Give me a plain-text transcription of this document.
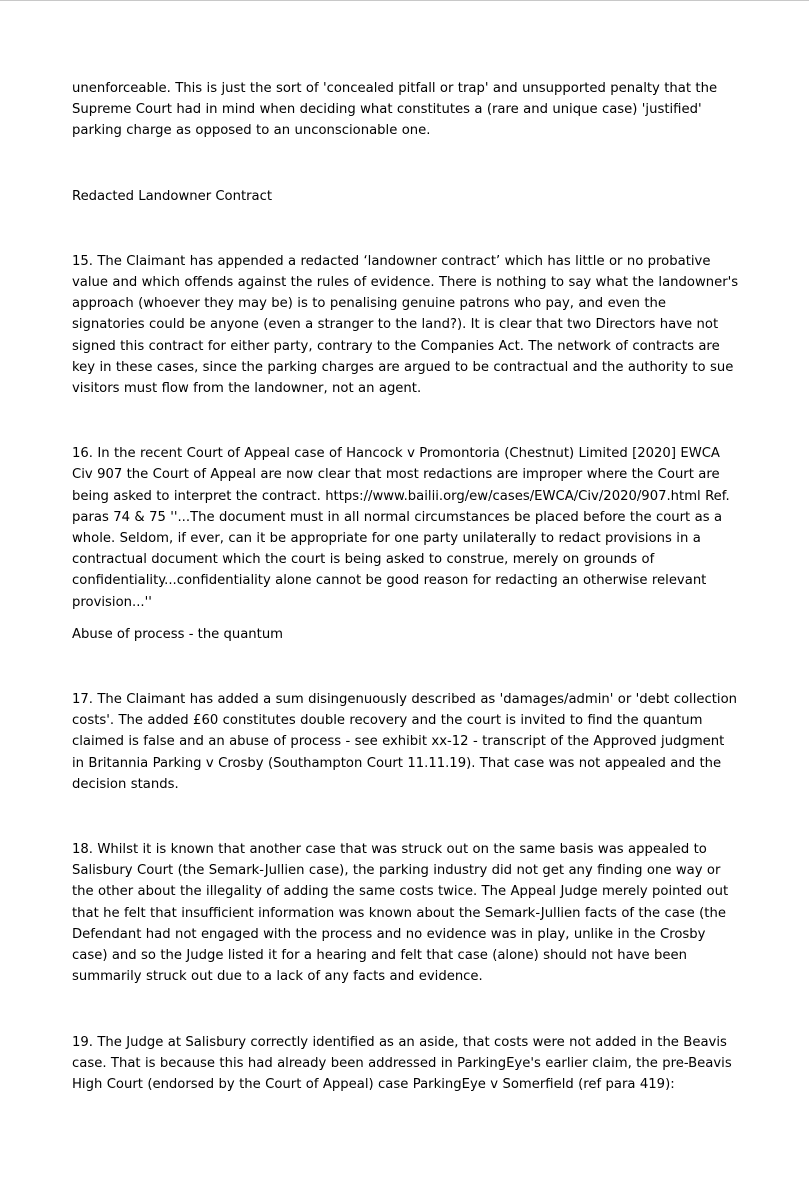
unenforceable. This is just the sort of 'concealed pitfall or trap' and unsupported penalty that the Supreme Court had in mind when deciding what constitutes a (rare and unique case) 'justified' parking charge as opposed to an unconscionable one.

Redacted Landowner Contract

15. The Claimant has appended a redacted ‘landowner contract’ which has little or no probative value and which offends against the rules of evidence. There is nothing to say what the landowner's approach (whoever they may be) is to penalising genuine patrons who pay, and even the signatories could be anyone (even a stranger to the land?). It is clear that two Directors have not signed this contract for either party, contrary to the Companies Act. The network of contracts are key in these cases, since the parking charges are argued to be contractual and the authority to sue visitors must flow from the landowner, not an agent.

16. In the recent Court of Appeal case of Hancock v Promontoria (Chestnut) Limited [2020] EWCA Civ 907 the Court of Appeal are now clear that most redactions are improper where the Court are being asked to interpret the contract. https://www.bailii.org/ew/cases/EWCA/Civ/2020/907.html Ref. paras 74 & 75 ''...The document must in all normal circumstances be placed before the court as a whole. Seldom, if ever, can it be appropriate for one party unilaterally to redact provisions in a contractual document which the court is being asked to construe, merely on grounds of confidentiality...confidentiality alone cannot be good reason for redacting an otherwise relevant provision...''

Abuse of process - the quantum

17. The Claimant has added a sum disingenuously described as 'damages/admin' or 'debt collection costs'. The added £60 constitutes double recovery and the court is invited to find the quantum claimed is false and an abuse of process - see exhibit xx-12 - transcript of the Approved judgment in Britannia Parking v Crosby (Southampton Court 11.11.19). That case was not appealed and the decision stands.

18. Whilst it is known that another case that was struck out on the same basis was appealed to Salisbury Court (the Semark-Jullien case), the parking industry did not get any finding one way or the other about the illegality of adding the same costs twice. The Appeal Judge merely pointed out that he felt that insufficient information was known about the Semark-Jullien facts of the case (the Defendant had not engaged with the process and no evidence was in play, unlike in the Crosby case) and so the Judge listed it for a hearing and felt that case (alone) should not have been summarily struck out due to a lack of any facts and evidence.

19. The Judge at Salisbury correctly identified as an aside, that costs were not added in the Beavis case. That is because this had already been addressed in ParkingEye's earlier claim, the pre-Beavis High Court (endorsed by the Court of Appeal) case ParkingEye v Somerfield (ref para 419):
